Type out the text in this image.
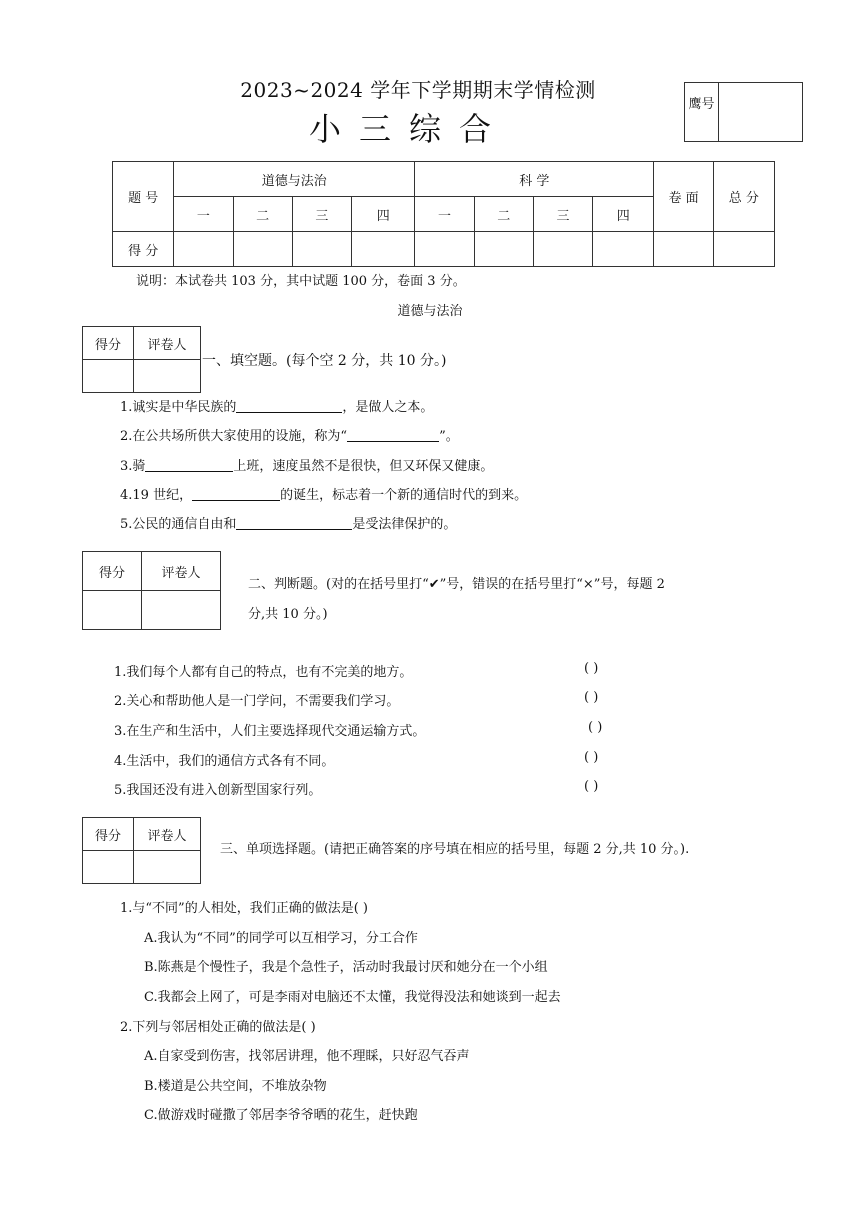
2023~2024 学年下学期期末学情检测
小三综合
鹰号	
题 号	道德与法治				科 学				卷 面	总 分
	一	二	三	四	一	二	三	四		
得 分										
说明：本试卷共 103 分，其中试题 100 分，卷面 3 分。
道德与法治
得分	评卷人

一、填空题。(每个空 2 分，共 10 分。)
1.诚实是中华民族的	，是做人之本。
2.在公共场所供大家使用的设施，称为“	”。
3.骑	上班，速度虽然不是很快，但又环保又健康。
4.19 世纪，	的诞生，标志着一个新的通信时代的到来。
5.公民的通信自由和	是受法律保护的。
得分	评卷人

二、判断题。(对的在括号里打“✔”号，错误的在括号里打“×”号，每题 2
分,共 10 分。)
1.我们每个人都有自己的特点，也有不完美的地方。	( )
2.关心和帮助他人是一门学问，不需要我们学习。	( )
3.在生产和生活中，人们主要选择现代交通运输方式。	( )
4.生活中，我们的通信方式各有不同。	( )
5.我国还没有进入创新型国家行列。	( )
得分	评卷人

三、单项选择题。(请把正确答案的序号填在相应的括号里，每题 2 分,共 10 分。).
1.与“不同”的人相处，我们正确的做法是( )
A.我认为“不同”的同学可以互相学习，分工合作
B.陈燕是个慢性子，我是个急性子，活动时我最讨厌和她分在一个小组
C.我都会上网了，可是李雨对电脑还不太懂，我觉得没法和她谈到一起去
2.下列与邻居相处正确的做法是( )
A.自家受到伤害，找邻居讲理，他不理睬，只好忍气吞声
B.楼道是公共空间，不堆放杂物
C.做游戏时碰撒了邻居李爷爷晒的花生，赶快跑
